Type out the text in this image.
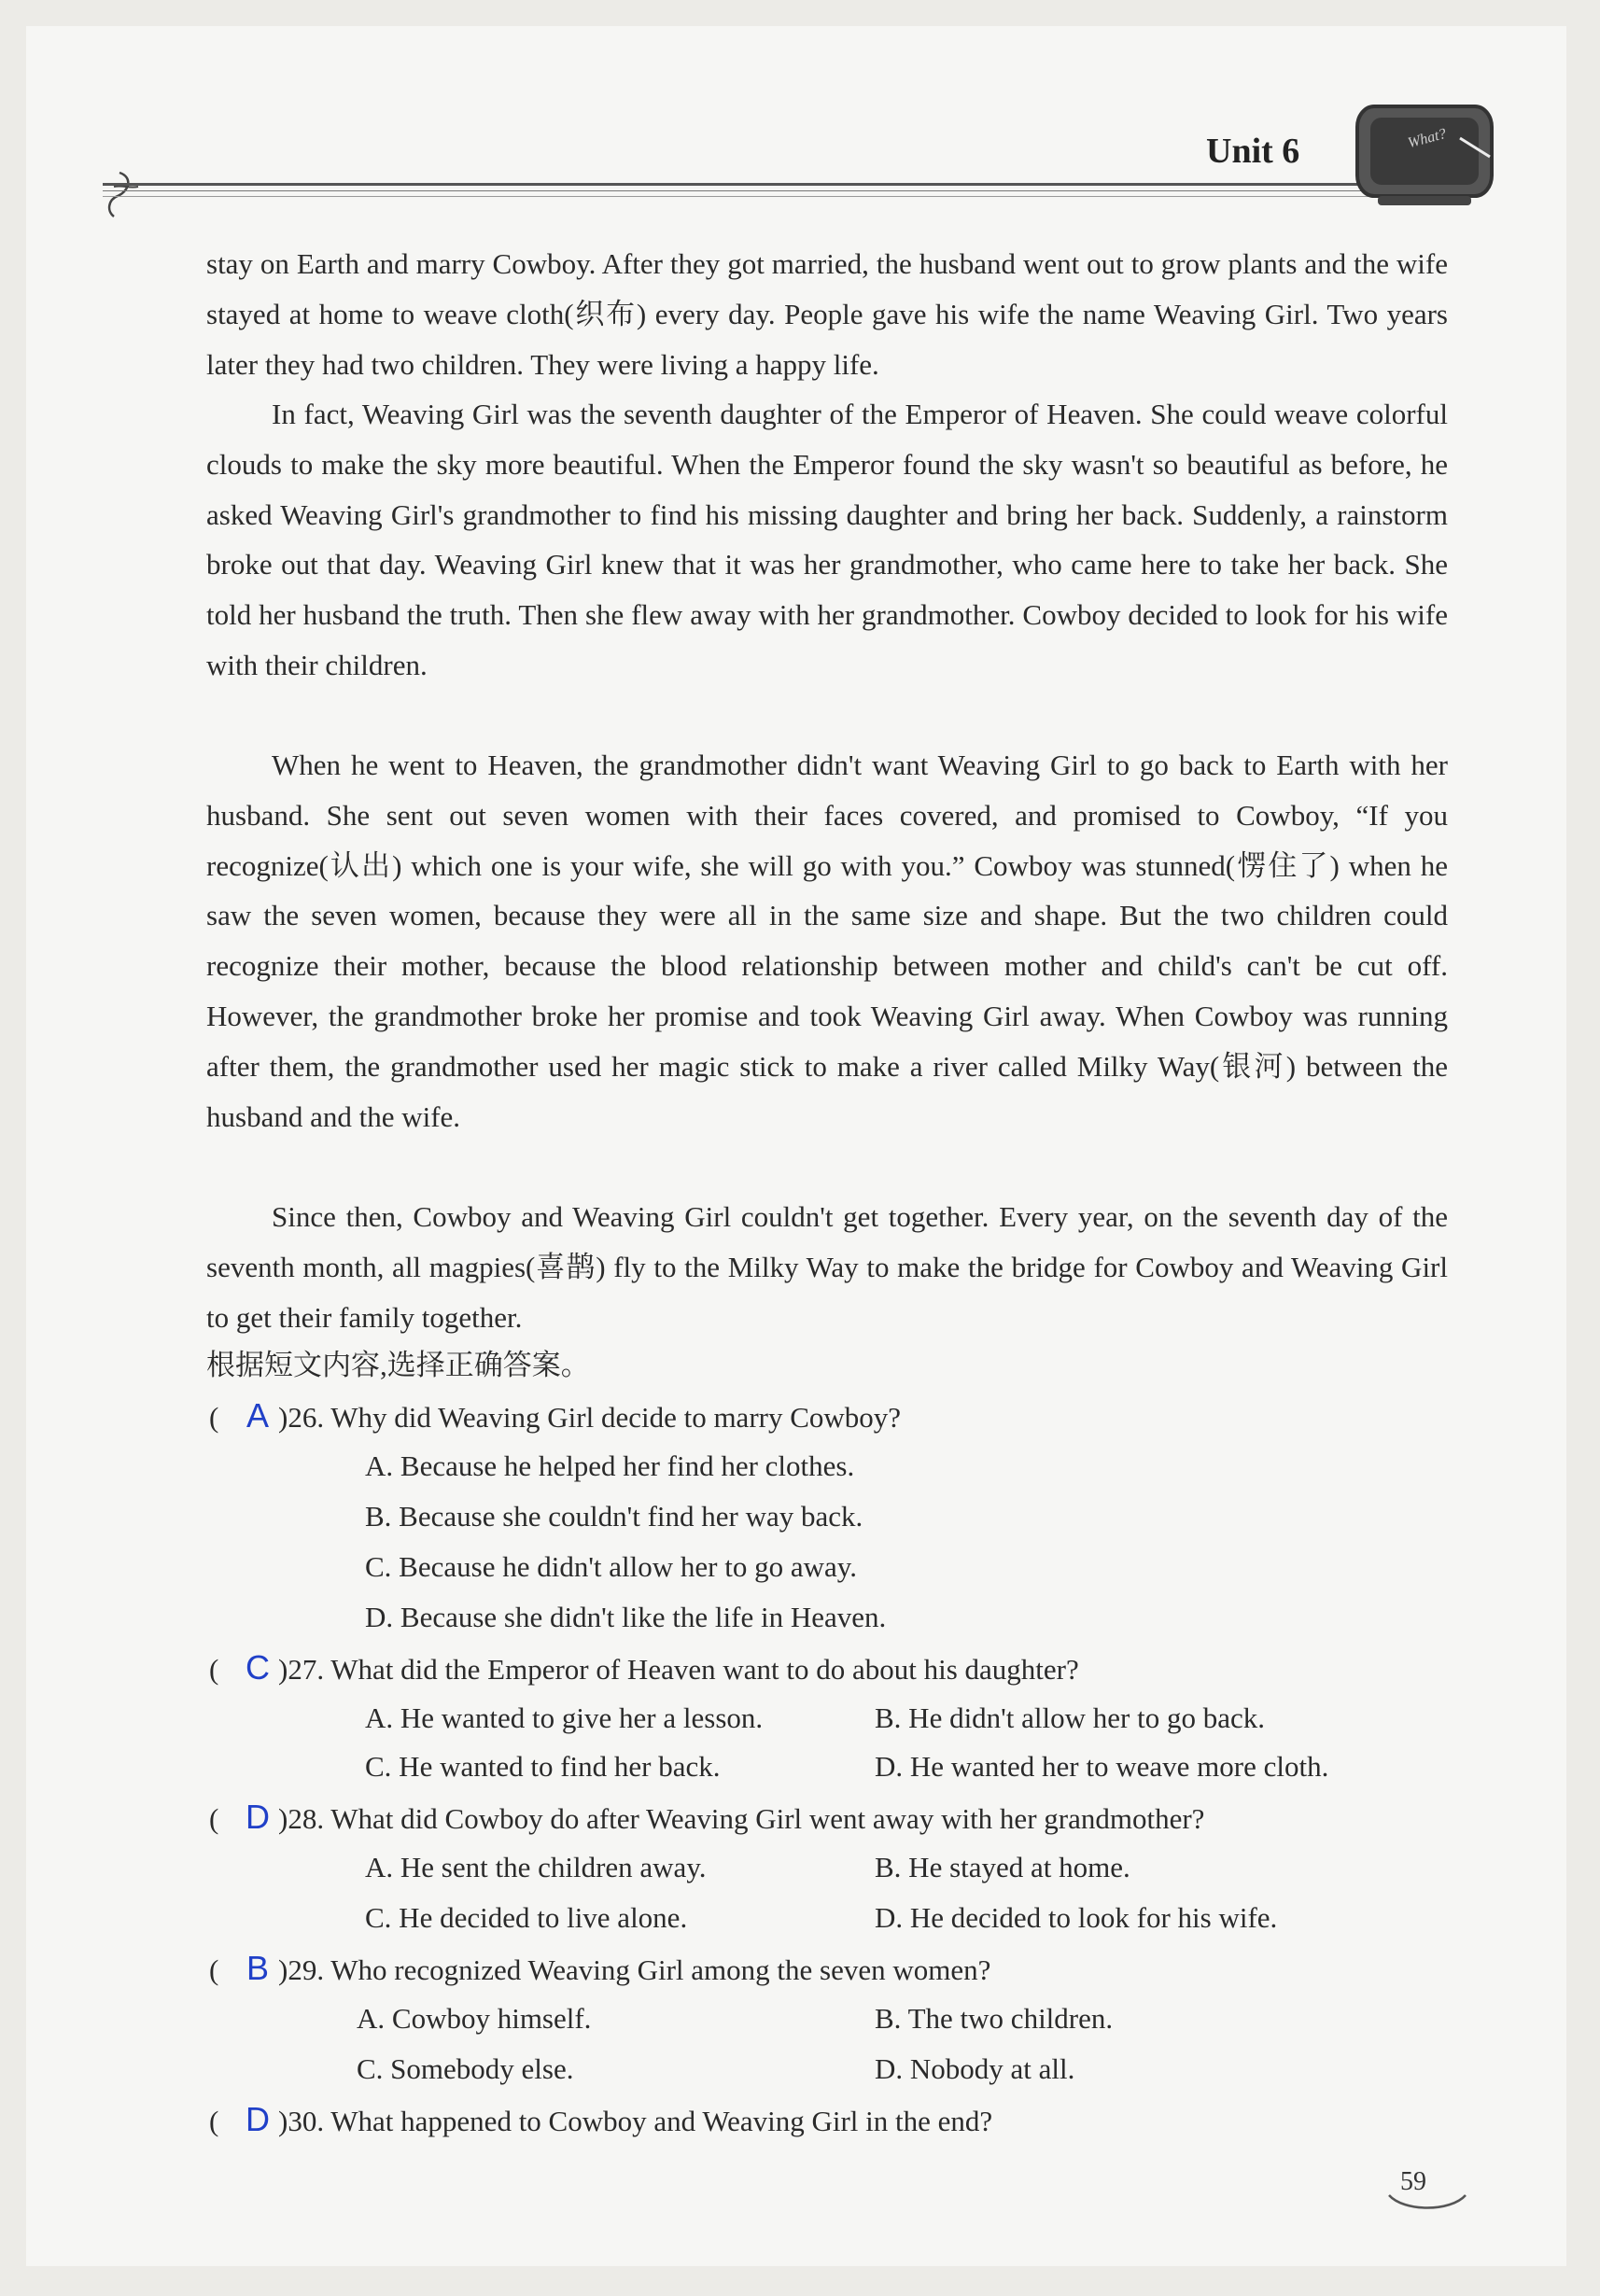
Unit 6	What?

stay on Earth and marry Cowboy. After they got married, the husband went out to grow plants and the wife stayed at home to weave cloth(织布) every day. People gave his wife the name Weaving Girl. Two years later they had two children. They were living a happy life.

In fact, Weaving Girl was the seventh daughter of the Emperor of Heaven. She could weave colorful clouds to make the sky more beautiful. When the Emperor found the sky wasn't so beautiful as before, he asked Weaving Girl's grandmother to find his missing daughter and bring her back. Suddenly, a rainstorm broke out that day. Weaving Girl knew that it was her grandmother, who came here to take her back. She told her husband the truth. Then she flew away with her grandmother. Cowboy decided to look for his wife with their children.

When he went to Heaven, the grandmother didn't want Weaving Girl to go back to Earth with her husband. She sent out seven women with their faces covered, and promised to Cowboy, “If you recognize(认出) which one is your wife, she will go with you.” Cowboy was stunned(愣住了) when he saw the seven women, because they were all in the same size and shape. But the two children could recognize their mother, because the blood relationship between mother and child's can't be cut off. However, the grandmother broke her promise and took Weaving Girl away. When Cowboy was running after them, the grandmother used her magic stick to make a river called Milky Way(银河) between the husband and the wife.

Since then, Cowboy and Weaving Girl couldn't get together. Every year, on the seventh day of the seventh month, all magpies(喜鹊) fly to the Milky Way to make the bridge for Cowboy and Weaving Girl to get their family together.

根据短文内容,选择正确答案。
( A )26. Why did Weaving Girl decide to marry Cowboy?
A. Because he helped her find her clothes.
B. Because she couldn't find her way back.
C. Because he didn't allow her to go away.
D. Because she didn't like the life in Heaven.
( C )27. What did the Emperor of Heaven want to do about his daughter?
A. He wanted to give her a lesson.	B. He didn't allow her to go back.
C. He wanted to find her back.	D. He wanted her to weave more cloth.
( D )28. What did Cowboy do after Weaving Girl went away with her grandmother?
A. He sent the children away.	B. He stayed at home.
C. He decided to live alone.	D. He decided to look for his wife.
( B )29. Who recognized Weaving Girl among the seven women?
A. Cowboy himself.	B. The two children.
C. Somebody else.	D. Nobody at all.
( D )30. What happened to Cowboy and Weaving Girl in the end?
59
